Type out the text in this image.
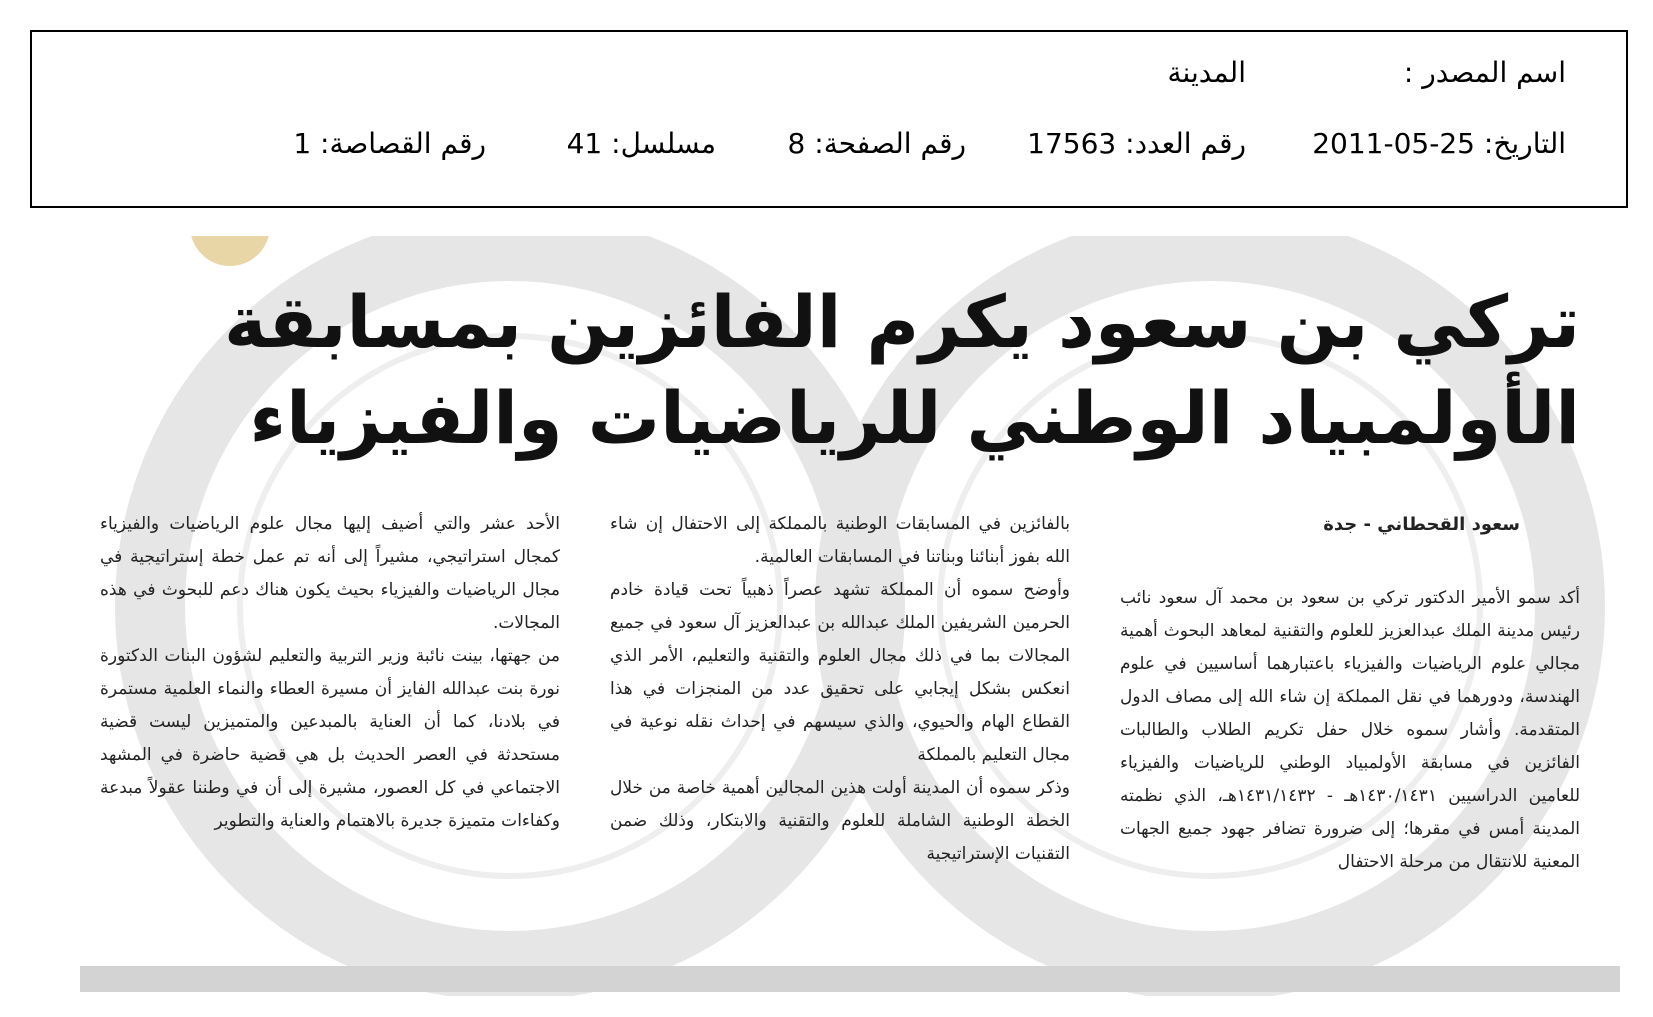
اسم المصدر :
المدينة
التاريخ: 25-05-2011
رقم العدد: 17563
رقم الصفحة: 8
مسلسل: 41
رقم القصاصة: 1
تركي بن سعود يكرم الفائزين بمسابقة
الأولمبياد الوطني للرياضيات والفيزياء
سعود القحطاني - جدة

أكد سمو الأمير الدكتور تركي بن سعود بن محمد آل سعود نائب رئيس مدينة الملك عبدالعزيز للعلوم والتقنية لمعاهد البحوث أهمية مجالي علوم الرياضيات والفيزياء باعتبارهما أساسيين في علوم الهندسة، ودورهما في نقل المملكة إن شاء الله إلى مصاف الدول المتقدمة. وأشار سموه خلال حفل تكريم الطلاب والطالبات الفائزين في مسابقة الأولمبياد الوطني للرياضيات والفيزياء للعامين الدراسيين ١٤٣٠/١٤٣١هـ - ١٤٣١/١٤٣٢هـ، الذي نظمته المدينة أمس في مقرها؛ إلى ضرورة تضافر جهود جميع الجهات المعنية للانتقال من مرحلة الاحتفال

بالفائزين في المسابقات الوطنية بالمملكة إلى الاحتفال إن شاء الله بفوز أبنائنا وبناتنا في المسابقات العالمية.

وأوضح سموه أن المملكة تشهد عصراً ذهبياً تحت قيادة خادم الحرمين الشريفين الملك عبدالله بن عبدالعزيز آل سعود في جميع المجالات بما في ذلك مجال العلوم والتقنية والتعليم، الأمر الذي انعكس بشكل إيجابي على تحقيق عدد من المنجزات في هذا القطاع الهام والحيوي، والذي سيسهم في إحداث نقله نوعية في مجال التعليم بالمملكة

وذكر سموه أن المدينة أولت هذين المجالين أهمية خاصة من خلال الخطة الوطنية الشاملة للعلوم والتقنية والابتكار، وذلك ضمن التقنيات الإستراتيجية

الأحد عشر والتي أضيف إليها مجال علوم الرياضيات والفيزياء كمجال استراتيجي، مشيراً إلى أنه تم عمل خطة إستراتيجية في مجال الرياضيات والفيزياء بحيث يكون هناك دعم للبحوث في هذه المجالات.

من جهتها، بينت نائبة وزير التربية والتعليم لشؤون البنات الدكتورة نورة بنت عبدالله الفايز أن مسيرة العطاء والنماء العلمية مستمرة في بلادنا، كما أن العناية بالمبدعين والمتميزين ليست قضية مستحدثة في العصر الحديث بل هي قضية حاضرة في المشهد الاجتماعي في كل العصور، مشيرة إلى أن في وطننا عقولاً مبدعة وكفاءات متميزة جديرة بالاهتمام والعناية والتطوير
